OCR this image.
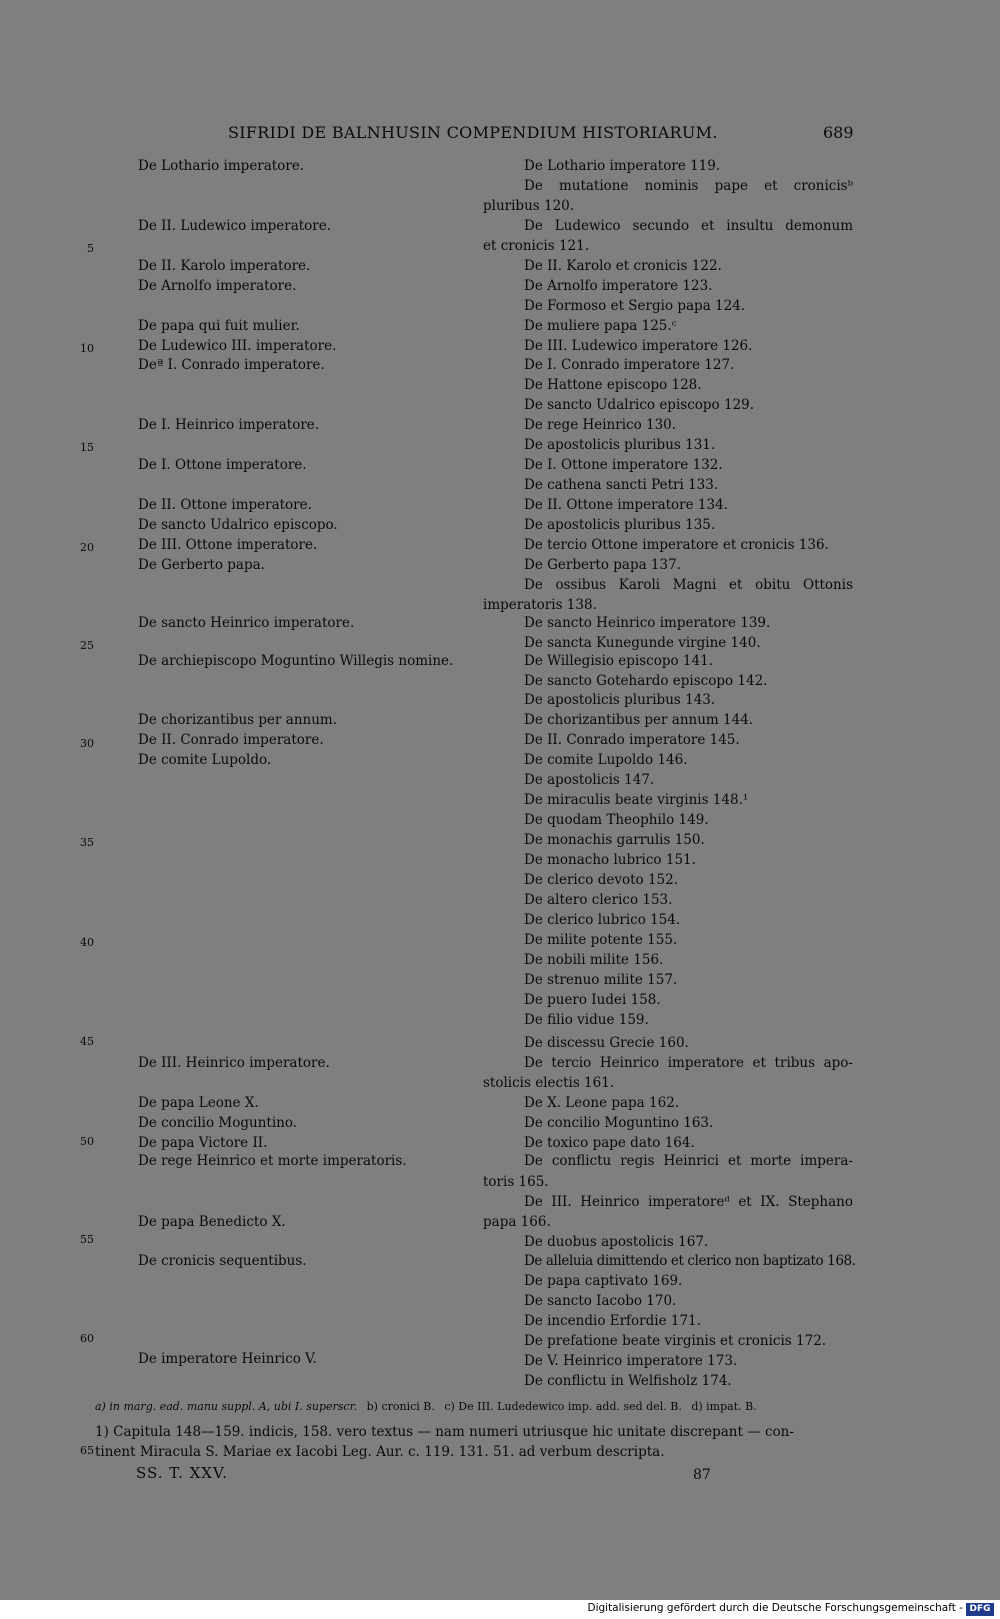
SIFRIDI DE BALNHUSIN COMPENDIUM HISTORIARUM.	689
De Lothario imperatore.
De II. Ludewico imperatore.
De II. Karolo imperatore.
De Arnolfo imperatore.
De papa qui fuit mulier.
De Ludewico III. imperatore.
Deª I. Conrado imperatore.
De I. Heinrico imperatore.
De I. Ottone imperatore.
De II. Ottone imperatore.
De sancto Udalrico episcopo.
De III. Ottone imperatore.
De Gerberto papa.
De sancto Heinrico imperatore.
De archiepiscopo Moguntino Willegis nomine.
De chorizantibus per annum.
De II. Conrado imperatore.
De comite Lupoldo.
De III. Heinrico imperatore.
De papa Leone X.
De concilio Moguntino.
De papa Victore II.
De rege Heinrico et morte imperatoris.
De papa Benedicto X.
De cronicis sequentibus.
De imperatore Heinrico V.
De Lothario imperatore 119.
De mutatione nominis pape et cronicisᵇ
pluribus 120.
De Ludewico secundo et insultu demonum
et cronicis 121.
De II. Karolo et cronicis 122.
De Arnolfo imperatore 123.
De Formoso et Sergio papa 124.
De muliere papa 125.ᶜ
De III. Ludewico imperatore 126.
De I. Conrado imperatore 127.
De Hattone episcopo 128.
De sancto Udalrico episcopo 129.
De rege Heinrico 130.
De apostolicis pluribus 131.
De I. Ottone imperatore 132.
De cathena sancti Petri 133.
De II. Ottone imperatore 134.
De apostolicis pluribus 135.
De tercio Ottone imperatore et cronicis 136.
De Gerberto papa 137.
De ossibus Karoli Magni et obitu Ottonis
imperatoris 138.
De sancto Heinrico imperatore 139.
De sancta Kunegunde virgine 140.
De Willegisio episcopo 141.
De sancto Gotehardo episcopo 142.
De apostolicis pluribus 143.
De chorizantibus per annum 144.
De II. Conrado imperatore 145.
De comite Lupoldo 146.
De apostolicis 147.
De miraculis beate virginis 148.¹
De quodam Theophilo 149.
De monachis garrulis 150.
De monacho lubrico 151.
De clerico devoto 152.
De altero clerico 153.
De clerico lubrico 154.
De milite potente 155.
De nobili milite 156.
De strenuo milite 157.
De puero Iudei 158.
De filio vidue 159.
De discessu Grecie 160.
De tercio Heinrico imperatore et tribus apo-
stolicis electis 161.
De X. Leone papa 162.
De concilio Moguntino 163.
De toxico pape dato 164.
De conflictu regis Heinrici et morte impera-
toris 165.
De III. Heinrico imperatoreᵈ et IX. Stephano
papa 166.
De duobus apostolicis 167.
De alleluia dimittendo et clerico non baptizato 168.
De papa captivato 169.
De sancto Iacobo 170.
De incendio Erfordie 171.
De prefatione beate virginis et cronicis 172.
De V. Heinrico imperatore 173.
De conflictu in Welfisholz 174.
5
10
15
20
25
30
35
40
45
50
55
60
65
a) in marg. ead. manu suppl. A, ubi I. superscr. b) cronici B. c) De III. Ludedewico imp. add. sed del. B. d) impat. B.
1) Capitula 148—159. indicis, 158. vero textus — nam numeri utriusque hic unitate discrepant — con-
tinent Miracula S. Mariae ex Iacobi Leg. Aur. c. 119. 131. 51. ad verbum descripta.
SS. T. XXV.	87
Digitalisierung gefördert durch die Deutsche Forschungsgemeinschaft - DFG
